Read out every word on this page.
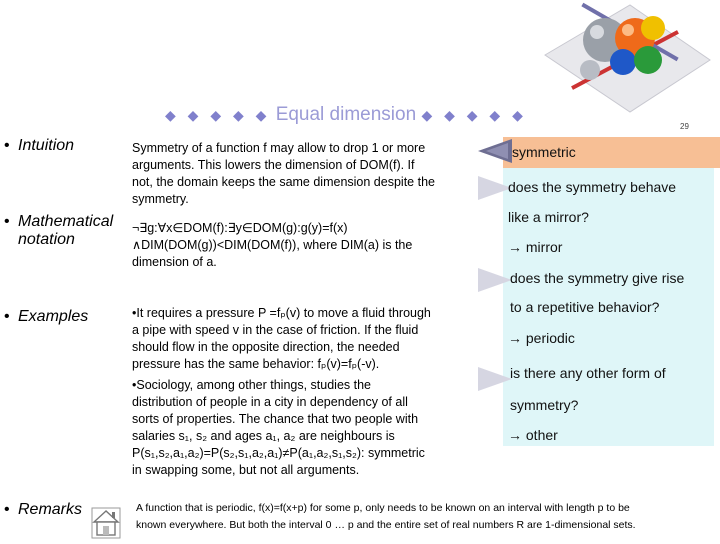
◆ ◆ ◆ ◆ ◆ Equal dimension ◆ ◆ ◆ ◆ ◆
29
• Intuition
• Mathematical
notation
• Examples
• Remarks
Symmetry of a function f may allow to drop 1 or more
arguments. This lowers the dimension of DOM(f). If
not, the domain keeps the same dimension despite the
symmetry.
¬∃g:∀x∈DOM(f):∃y∈DOM(g):g(y)=f(x)
∧DIM(DOM(g))<DIM(DOM(f)), where DIM(a) is the
dimension of a.
•It requires a pressure P =fₚ(v) to move a fluid through
a pipe with speed v in the case of friction. If the fluid
should flow in the opposite direction, the needed
pressure has the same behavior: fₚ(v)=fₚ(-v).
•Sociology, among other things, studies the
distribution of people in a city in dependency of all
sorts of properties. The chance that two people with
salaries s₁, s₂ and ages a₁, a₂ are neighbours is
P(s₁,s₂,a₁,a₂)=P(s₂,s₁,a₂,a₁)≠P(a₁,a₂,s₁,s₂): symmetric
in swapping some, but not all arguments.
symmetric
does the symmetry behave
like a mirror?
→ mirror
does the symmetry give rise
to a repetitive behavior?
→ periodic
is there any other form of
symmetry?
→ other
A function that is periodic, f(x)=f(x+p) for some p, only needs to be known on an interval with length p to be
known everywhere. But both the interval 0 … p and the entire set of real numbers R are 1-dimensional sets.
